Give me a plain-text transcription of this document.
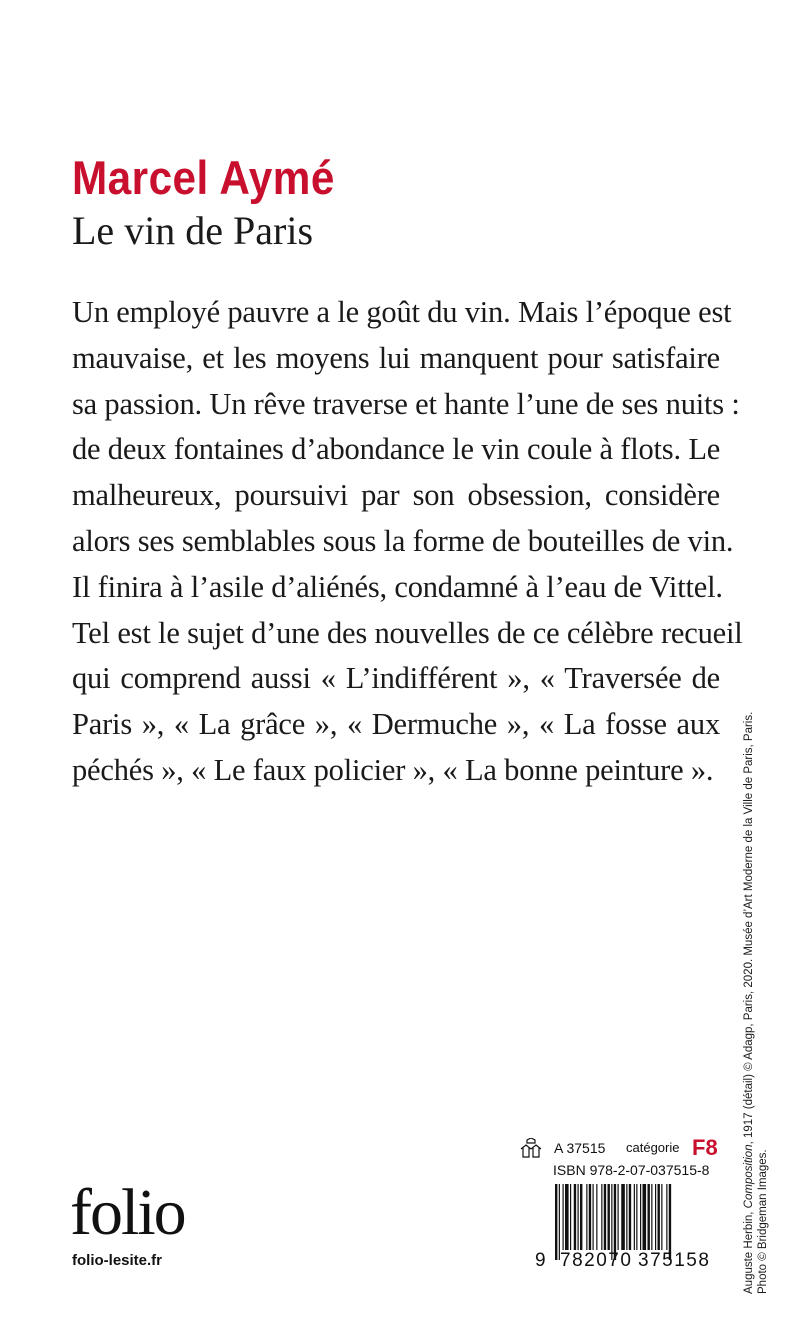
Marcel Aymé
Le vin de Paris
Un employé pauvre a le goût du vin. Mais l’époque est
mauvaise, et les moyens lui manquent pour satisfaire
sa passion. Un rêve traverse et hante l’une de ses nuits :
de deux fontaines d’abondance le vin coule à flots. Le
malheureux, poursuivi par son obsession, considère
alors ses semblables sous la forme de bouteilles de vin.
Il finira à l’asile d’aliénés, condamné à l’eau de Vittel.
Tel est le sujet d’une des nouvelles de ce célèbre recueil
qui comprend aussi « L’indifférent », « Traversée de
Paris », « La grâce », « Dermuche », « La fosse aux
péchés », « Le faux policier », « La bonne peinture ».
Auguste Herbin, Composition, 1917 (détail) © Adagp, Paris, 2020. Musée d’Art Moderne de la Ville de Paris, Paris.
Photo © Bridgeman Images.
folio
folio-lesite.fr
A 37515 catégorie F8
ISBN 978-2-07-037515-8
9 782070 375158
